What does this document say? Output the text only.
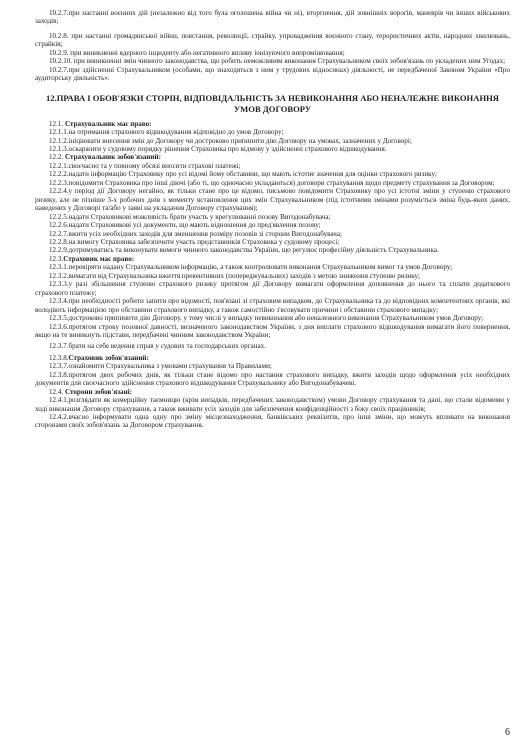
10.2.7.при настанні воєнних дій (незалежно від того була оголошена війна чи ні), вторгнення, дій зовнішніх ворогів, маневрів чи інших військових заходів;

10.2.8. при настанні громадянської війни, повстання, революції, страйку, упровадження воєнного стану, терористичних актів, народних хвилювань, страйків;

10.2.9. при виникненні ядерного інциденту або негативного впливу іонізуючого випромінювання;

10.2.10. при виникненні змін чинного законодавства, що робить неможливим виконання Страхувальником своїх зобов'язань по укладених ним Угодах;

10.2.7.при здійсненні Страхувальником (особами, що знаходяться з ним у трудових відносинах) діяльності, не передбаченої Законом України «Про аудиторську діяльність».

12.ПРАВА І ОБОВ'ЯЗКИ СТОРІН, ВІДПОВІДАЛЬНІСТЬ ЗА НЕВИКОНАННЯ АБО НЕНАЛЕЖНЕ ВИКОНАННЯ УМОВ ДОГОВОРУ

12.1. Страхувальник має право:

12.1.1.на отримання страхового відшкодування відповідно до умов Договору;

12.1.2.ініціювати внесення змін до Договору чи достроково припинити дію Договору на умовах, зазначених у Договорі;

12.1.3.оскаржити у судовому порядку рішення Страховика про відмову у здійсненні страхового відшкодування.

12.2. Страхувальник зобов'язаний:

12.2.1.своєчасно та у повному обсязі вносити страхові платежі;

12.2.2.надати інформацію Страховику про усі відомі йому обставини, що мають істотне значення для оцінки страхового ризику;

12.2.3.повідомити Страховика про інші діючі (або ті, що одночасно укладаються) договори страхування щодо предмету страхування за Договором;

12.2.4.у період дії Договору негайно, як тільки стане про це відомо, письмово повідомити Страховику про усі істотні зміни у ступеню страхового ризику, але не пізніше 3-х робочих днів з моменту встановлення цих змін Страхувальником (під істотними змінами розуміється зміна будь-яких даних, наведених у Договорі та/або у заяві на укладання Договору страхування);

12.2.5.надати Страховикові можливість брати участь у врегулюванні позову Вигодонабувача;

12.2.6.надати Страховикові усі документи, що мають відношення до пред'явлення позову;

12.2.7.вжити усіх необхідних заходів для зменшення розміру позовів зі сторони Вигодонабувача;

12.2.8.на вимогу Страховика забезпечити участь представників Страховика у судовому процесі;

12.2.9.дотримуватись та виконувати вимоги чинного законодавства України, що регулює професійну діяльність Страхувальника.

12.3.Страховик має право:

12.3.1.перевіряти надану Страхувальником інформацію, а також контролювати виконання Страхувальником вимог та умов Договору;

12.3.2.вимагати від Страхувальника вжиття превентивних (попереджувальних) заходів з метою зниження ступеню ризику;

12.3.3.у разі збільшення ступеню страхового ризику протягом дії Договору вимагати оформлення доповнення до нього та сплати додаткового страхового платежу;

12.3.4.при необхідності робити запити про відомості, пов'язані зі страховим випадком, до Страхувальника та до відповідних компетентних органів, які володіють інформацією про обставини страхового випадку, а також самостійно з'ясовувати причини і обставини страхового випадку;

12.3.5.достроково припинити дію Договору, у тому числі у випадку невиконання або неналежного виконання Страхувальником умов Договору;

12.3.6.протягом строку позовної давності, визначеного законодавством України, з дня виплати страхового відшкодування вимагати його повернення, якщо на те виникнуть підстави, передбачені чинним законодавством України;

12.3.7.брати на себе ведення справ у судових та господарських органах.

12.3.8.Страховик зобов'язаний:

12.3.7.ознайомити Страхувальника з умовами страхування та Правилами;

12.3.8.протягом двох робочих днів, як тільки стане відомо про настання страхового випадку, вжити заходів щодо оформлення усіх необхідних документів для своєчасного здійснення страхового відшкодування Страхувальнику або Вигодонабувачеві.

12.4. Сторони зобов'язані:

12.4.1.розглядати як комерційну таємницю (крім випадків, передбачених законодавством) умови Договору страхування та дані, що стали відомими у ході виконання Договору страхування, а також вживати усіх заходів для забезпечення конфіденційності з боку своїх працівників;

12.4.2.вчасно інформувати одна одну про зміну місцезнаходження, банківських реквізитів, про інші зміни, що можуть впливати на виконання сторонами своїх зобов'язань за Договором страхування.

6
